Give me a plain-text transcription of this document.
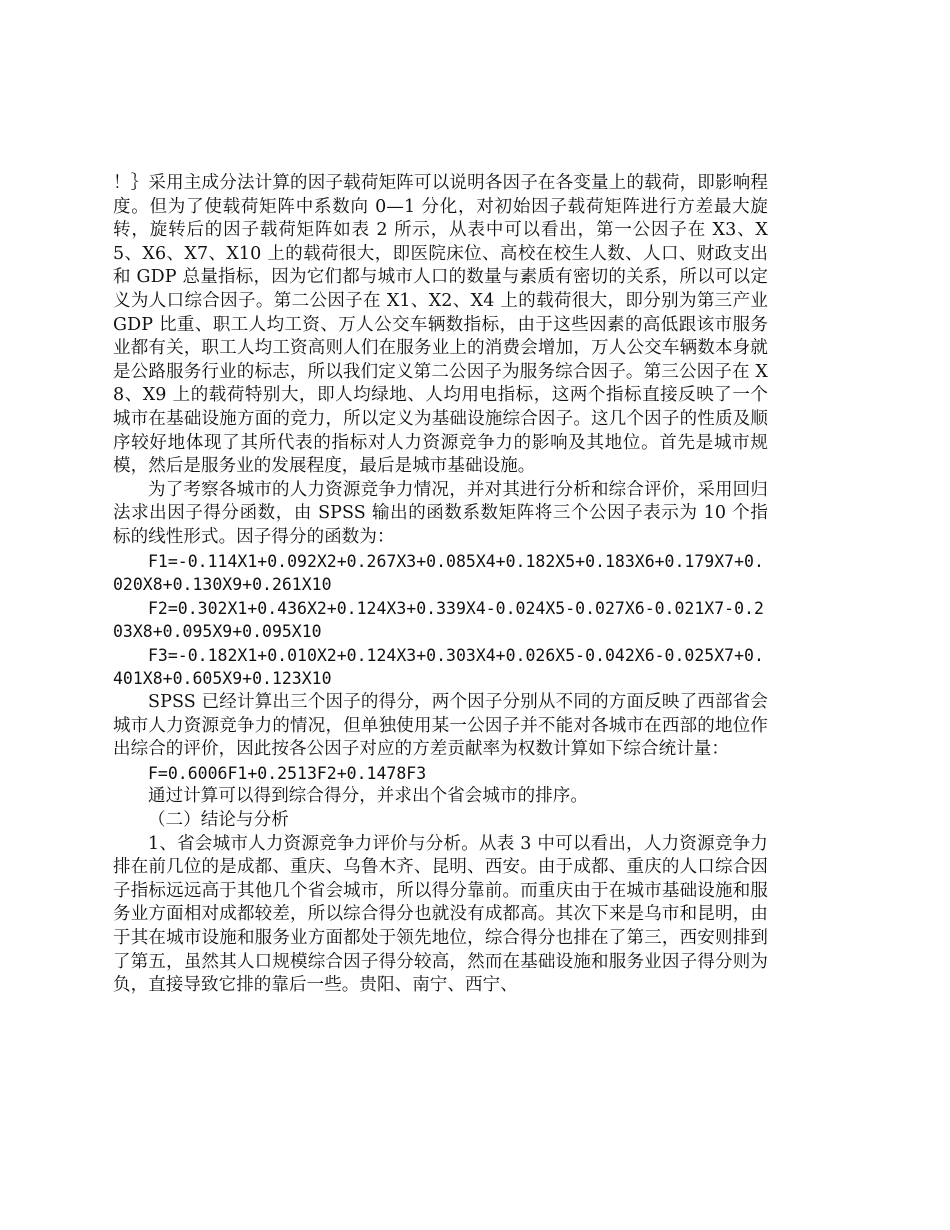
！｝采用主成分法计算的因子载荷矩阵可以说明各因子在各变量上的载荷，即影响程度。但为了使载荷矩阵中系数向 0—1 分化，对初始因子载荷矩阵进行方差最大旋转，旋转后的因子载荷矩阵如表 2 所示，从表中可以看出，第一公因子在 X3、X5、X6、X7、X10 上的载荷很大，即医院床位、高校在校生人数、人口、财政支出和 GDP 总量指标，因为它们都与城市人口的数量与素质有密切的关系，所以可以定义为人口综合因子。第二公因子在 X1、X2、X4 上的载荷很大，即分别为第三产业 GDP 比重、职工人均工资、万人公交车辆数指标，由于这些因素的高低跟该市服务业都有关，职工人均工资高则人们在服务业上的消费会增加，万人公交车辆数本身就是公路服务行业的标志，所以我们定义第二公因子为服务综合因子。第三公因子在 X8、X9 上的载荷特别大，即人均绿地、人均用电指标，这两个指标直接反映了一个城市在基础设施方面的竞力，所以定义为基础设施综合因子。这几个因子的性质及顺序较好地体现了其所代表的指标对人力资源竞争力的影响及其地位。首先是城市规模，然后是服务业的发展程度，最后是城市基础设施。

为了考察各城市的人力资源竞争力情况，并对其进行分析和综合评价，采用回归法求出因子得分函数，由 SPSS 输出的函数系数矩阵将三个公因子表示为 10 个指标的线性形式。因子得分的函数为：

F1=-0.114X1+0.092X2+0.267X3+0.085X4+0.182X5+0.183X6+0.179X7+0.020X8+0.130X9+0.261X10

F2=0.302X1+0.436X2+0.124X3+0.339X4-0.024X5-0.027X6-0.021X7-0.203X8+0.095X9+0.095X10

F3=-0.182X1+0.010X2+0.124X3+0.303X4+0.026X5-0.042X6-0.025X7+0.401X8+0.605X9+0.123X10

SPSS 已经计算出三个因子的得分，两个因子分别从不同的方面反映了西部省会城市人力资源竞争力的情况，但单独使用某一公因子并不能对各城市在西部的地位作出综合的评价，因此按各公因子对应的方差贡献率为权数计算如下综合统计量：

F=0.6006F1+0.2513F2+0.1478F3

通过计算可以得到综合得分，并求出个省会城市的排序。

（二）结论与分析

1、省会城市人力资源竞争力评价与分析。从表 3 中可以看出，人力资源竞争力排在前几位的是成都、重庆、乌鲁木齐、昆明、西安。由于成都、重庆的人口综合因子指标远远高于其他几个省会城市，所以得分靠前。而重庆由于在城市基础设施和服务业方面相对成都较差，所以综合得分也就没有成都高。其次下来是乌市和昆明，由于其在城市设施和服务业方面都处于领先地位，综合得分也排在了第三，西安则排到了第五，虽然其人口规模综合因子得分较高，然而在基础设施和服务业因子得分则为负，直接导致它排的靠后一些。贵阳、南宁、西宁、
